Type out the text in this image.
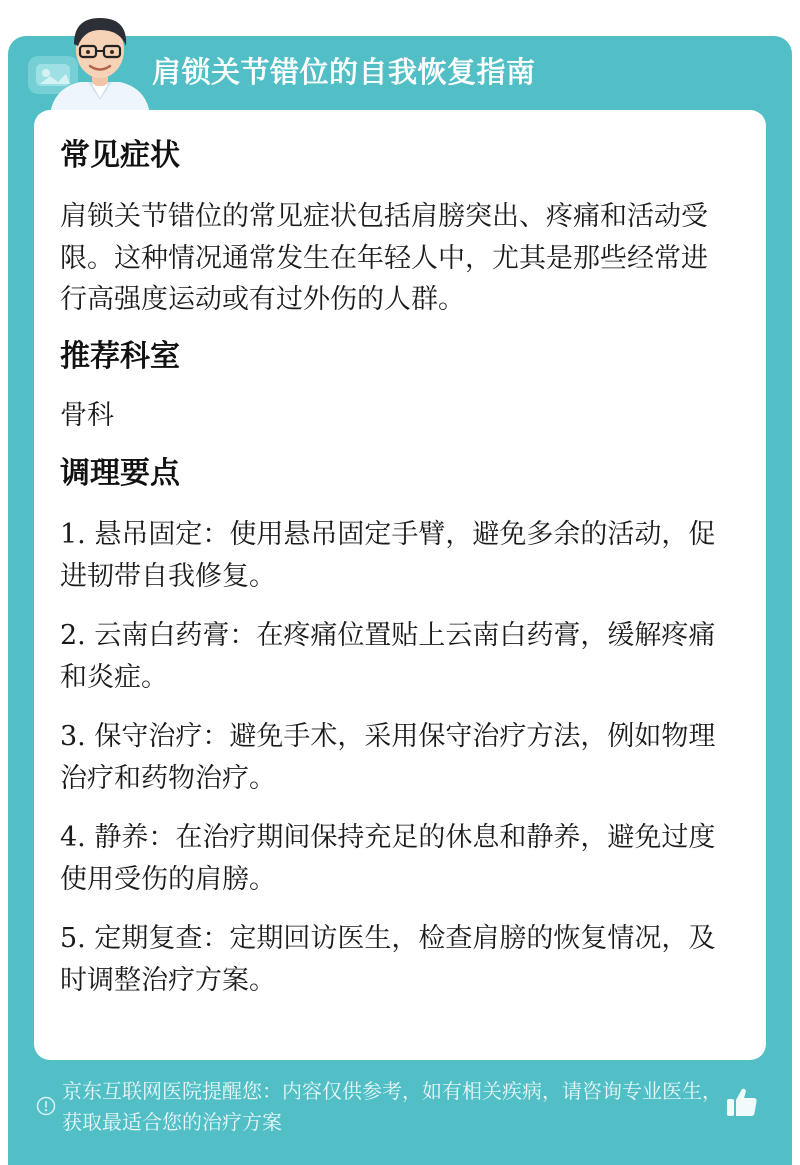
肩锁关节错位的自我恢复指南
常见症状

肩锁关节错位的常见症状包括肩膀突出、疼痛和活动受限。这种情况通常发生在年轻人中，尤其是那些经常进行高强度运动或有过外伤的人群。

推荐科室

骨科

调理要点

1. 悬吊固定：使用悬吊固定手臂，避免多余的活动，促进韧带自我修复。

2. 云南白药膏：在疼痛位置贴上云南白药膏，缓解疼痛和炎症。

3. 保守治疗：避免手术，采用保守治疗方法，例如物理治疗和药物治疗。

4. 静养：在治疗期间保持充足的休息和静养，避免过度使用受伤的肩膀。

5. 定期复查：定期回访医生，检查肩膀的恢复情况，及时调整治疗方案。

京东互联网医院提醒您：内容仅供参考，如有相关疾病，请咨询专业医生，获取最适合您的治疗方案
